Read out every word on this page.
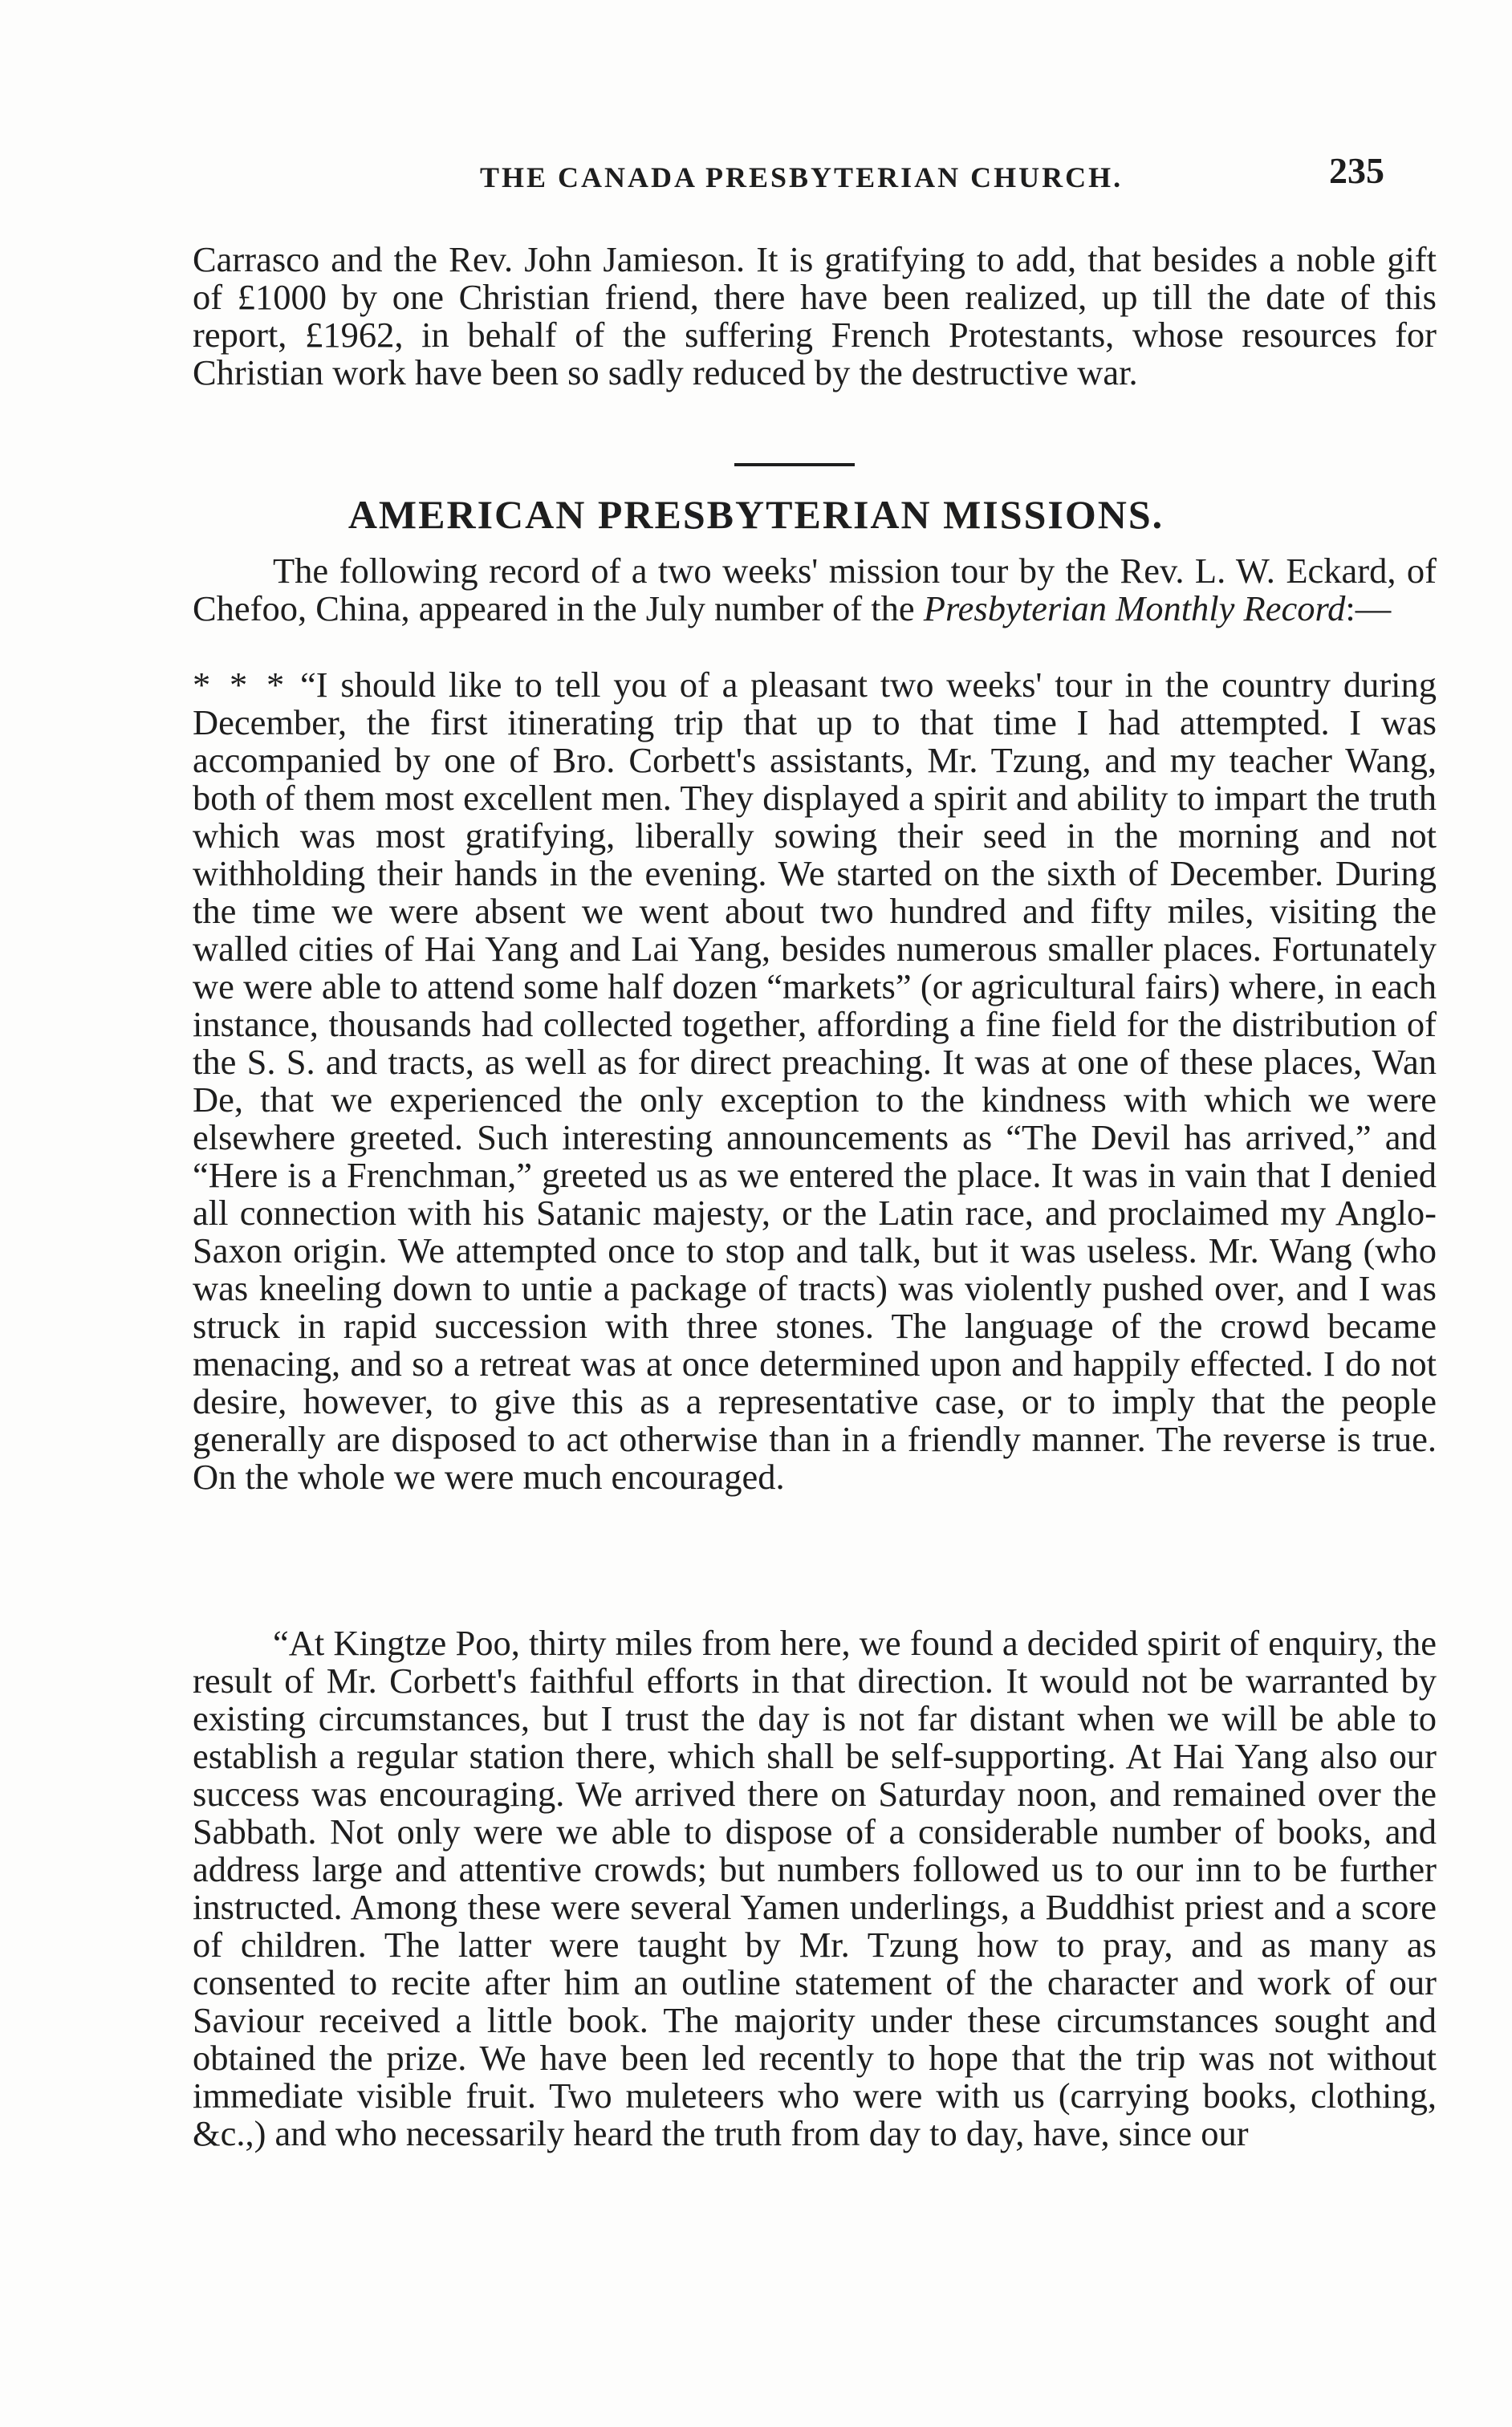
THE CANADA PRESBYTERIAN CHURCH.	235

Carrasco and the Rev. John Jamieson. It is gratifying to add, that besides a noble gift of £1000 by one Christian friend, there have been realized, up till the date of this report, £1962, in behalf of the suffering French Protestants, whose resources for Christian work have been so sadly reduced by the destructive war.

AMERICAN PRESBYTERIAN MISSIONS.

The following record of a two weeks' mission tour by the Rev. L. W. Eckard, of Chefoo, China, appeared in the July number of the Presbyterian Monthly Record:—

* * * “I should like to tell you of a pleasant two weeks' tour in the country during December, the first itinerating trip that up to that time I had attempted. I was accompanied by one of Bro. Corbett's assistants, Mr. Tzung, and my teacher Wang, both of them most excellent men. They displayed a spirit and ability to impart the truth which was most gratifying, liberally sowing their seed in the morning and not withholding their hands in the evening. We started on the sixth of December. During the time we were absent we went about two hundred and fifty miles, visiting the walled cities of Hai Yang and Lai Yang, besides numerous smaller places. Fortunately we were able to attend some half dozen “markets” (or agricultural fairs) where, in each instance, thousands had collected together, affording a fine field for the distribution of the S. S. and tracts, as well as for direct preaching. It was at one of these places, Wan De, that we experienced the only exception to the kindness with which we were elsewhere greeted. Such interesting announcements as “The Devil has arrived,” and “Here is a Frenchman,” greeted us as we entered the place. It was in vain that I denied all connection with his Satanic majesty, or the Latin race, and proclaimed my Anglo-Saxon origin. We attempted once to stop and talk, but it was useless. Mr. Wang (who was kneeling down to untie a package of tracts) was violently pushed over, and I was struck in rapid succession with three stones. The language of the crowd became menacing, and so a retreat was at once determined upon and happily effected. I do not desire, however, to give this as a representative case, or to imply that the people generally are disposed to act otherwise than in a friendly manner. The reverse is true. On the whole we were much encouraged.

“At Kingtze Poo, thirty miles from here, we found a decided spirit of enquiry, the result of Mr. Corbett's faithful efforts in that direction. It would not be warranted by existing circumstances, but I trust the day is not far distant when we will be able to establish a regular station there, which shall be self-supporting. At Hai Yang also our success was encouraging. We arrived there on Saturday noon, and remained over the Sabbath. Not only were we able to dispose of a considerable number of books, and address large and attentive crowds; but numbers followed us to our inn to be further instructed. Among these were several Yamen underlings, a Buddhist priest and a score of children. The latter were taught by Mr. Tzung how to pray, and as many as consented to recite after him an outline statement of the character and work of our Saviour received a little book. The majority under these circumstances sought and obtained the prize. We have been led recently to hope that the trip was not without immediate visible fruit. Two muleteers who were with us (carrying books, clothing, &c.,) and who necessarily heard the truth from day to day, have, since our
